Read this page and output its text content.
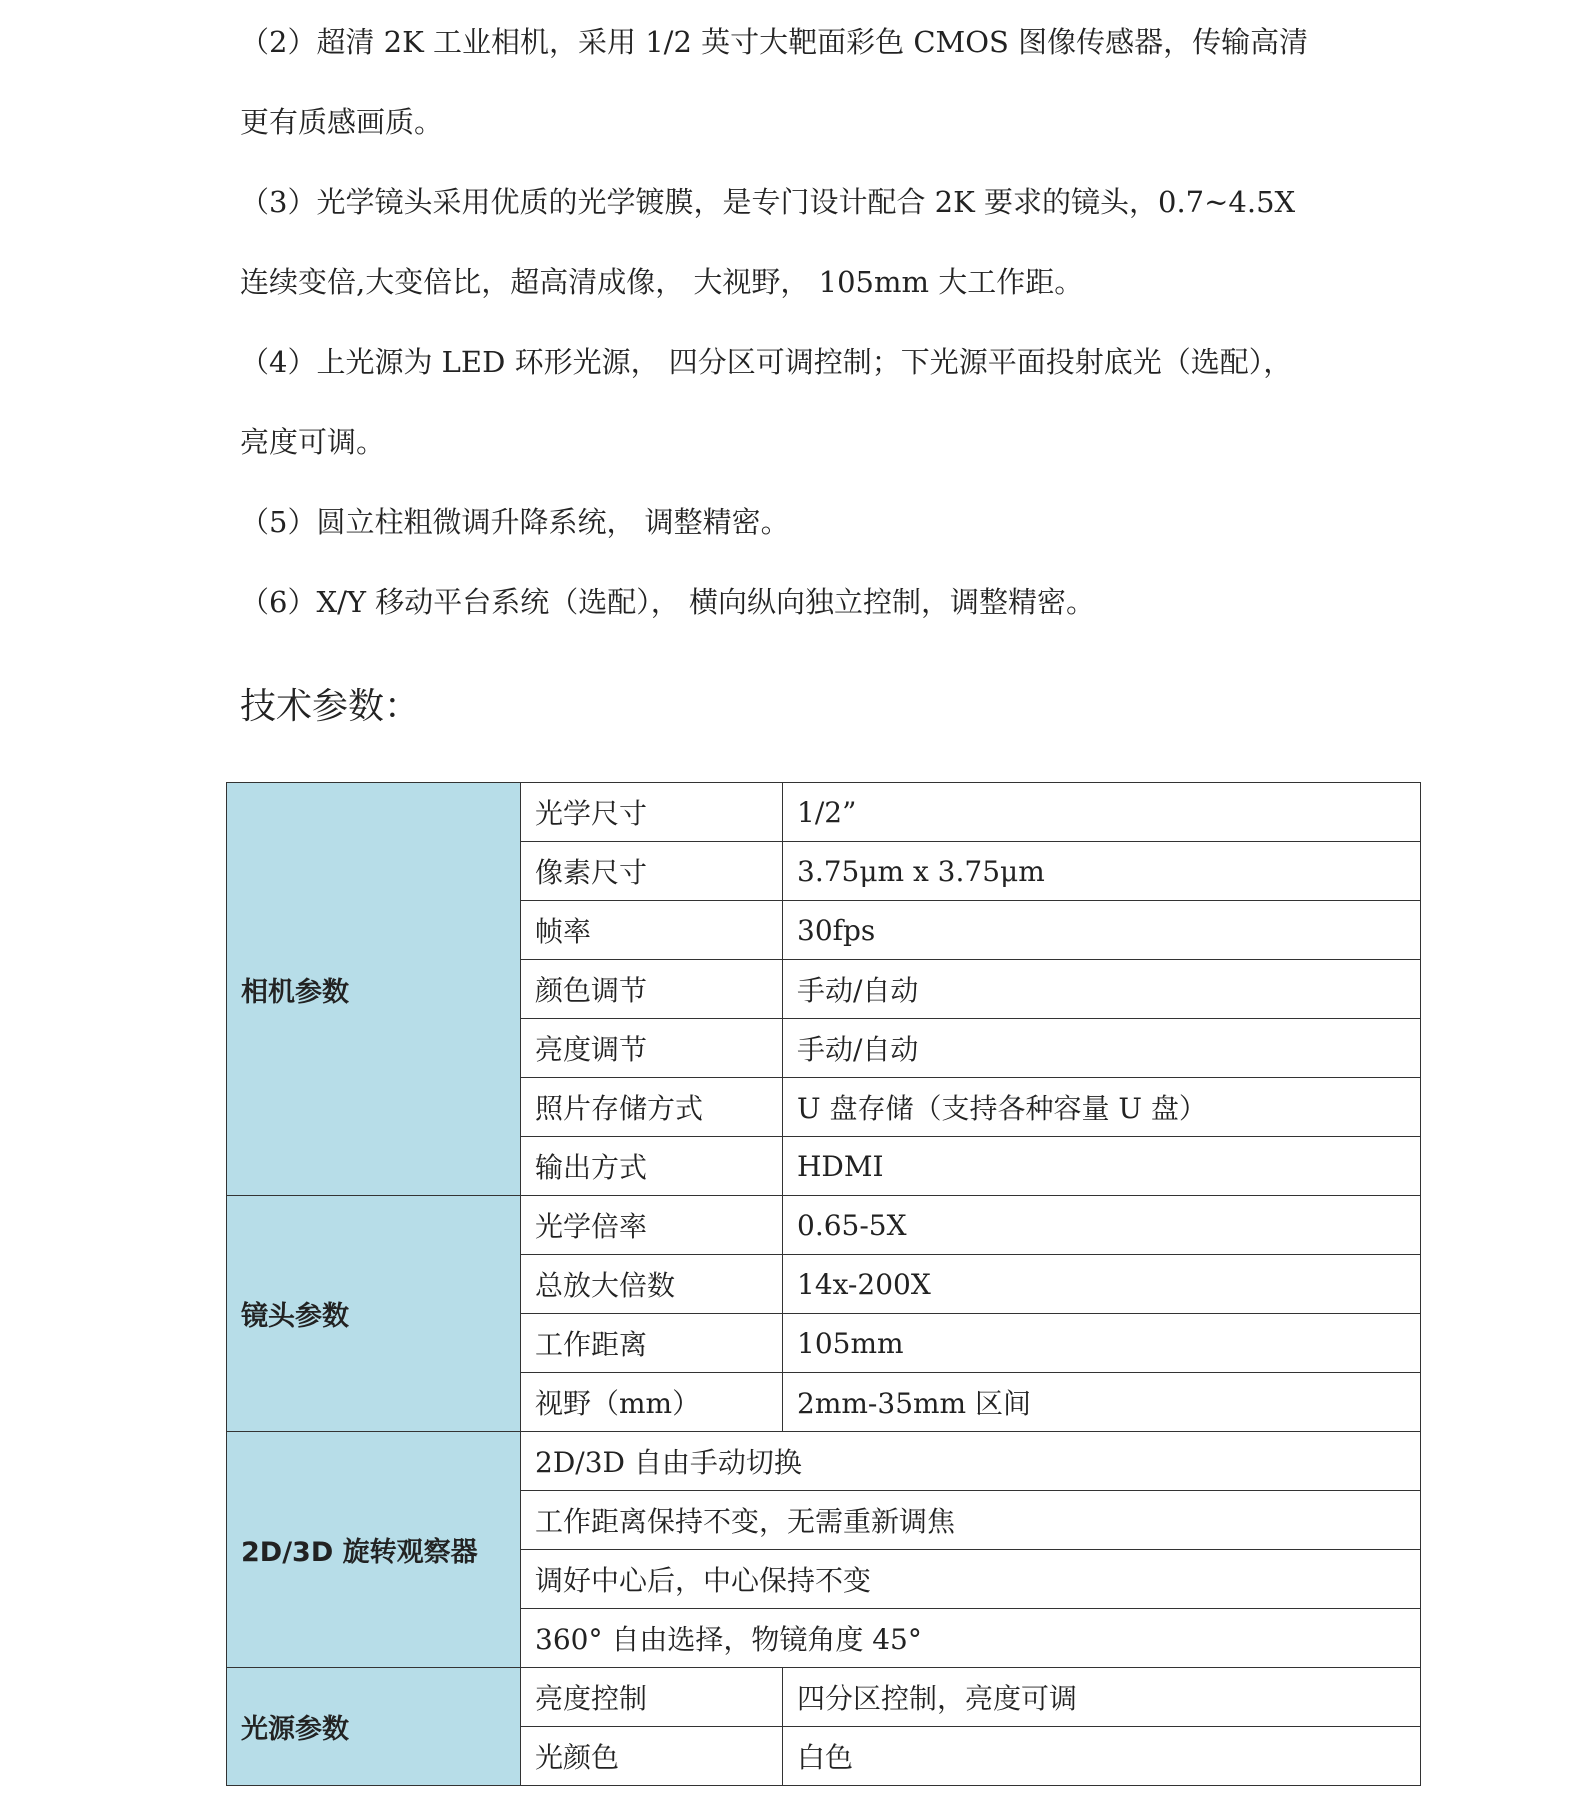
（2）超清 2K 工业相机，采用 1/2 英寸大靶面彩色 CMOS 图像传感器，传输高清

更有质感画质。

（3）光学镜头采用优质的光学镀膜，是专门设计配合 2K 要求的镜头，0.7~4.5X

连续变倍,大变倍比，超高清成像， 大视野， 105mm 大工作距。

（4）上光源为 LED 环形光源， 四分区可调控制；下光源平面投射底光（选配），

亮度可调。

（5）圆立柱粗微调升降系统， 调整精密。

（6）X/Y 移动平台系统（选配）， 横向纵向独立控制，调整精密。

技术参数：
相机参数	光学尺寸	1/2”
	像素尺寸	3.75μm x 3.75μm
	帧率	30fps
	颜色调节	手动/自动
	亮度调节	手动/自动
	照片存储方式	U 盘存储（支持各种容量 U 盘）
	输出方式	HDMI
镜头参数	光学倍率	0.65-5X
	总放大倍数	14x-200X
	工作距离	105mm
	视野（mm）	2mm-35mm 区间
2D/3D 旋转观察器	2D/3D 自由手动切换	
	工作距离保持不变，无需重新调焦	
	调好中心后，中心保持不变	
	360° 自由选择，物镜角度 45°	
光源参数	亮度控制	四分区控制，亮度可调
	光颜色	白色
